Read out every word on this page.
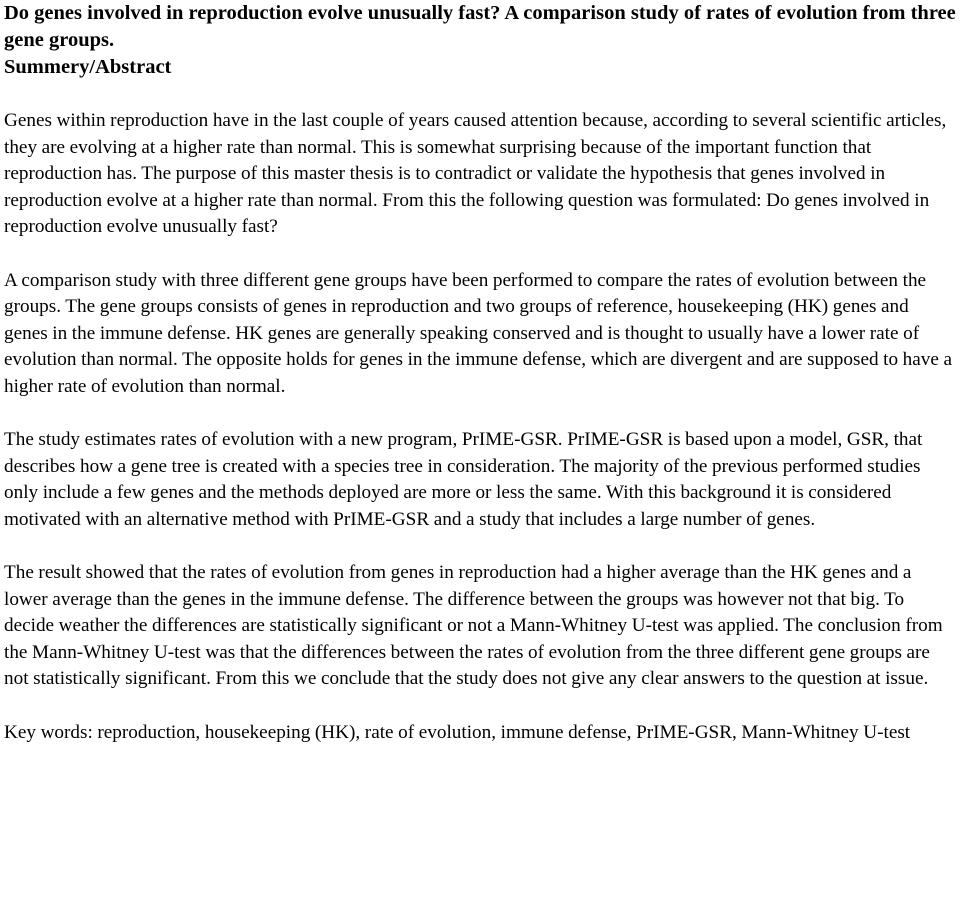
Do genes involved in reproduction evolve unusually fast? A comparison study of rates of evolution from three gene groups.
Summery/Abstract

Genes within reproduction have in the last couple of years caused attention because, according to several scientific articles, they are evolving at a higher rate than normal. This is somewhat surprising because of the important function that reproduction has. The purpose of this master thesis is to contradict or validate the hypothesis that genes involved in reproduction evolve at a higher rate than normal. From this the following question was formulated: Do genes involved in reproduction evolve unusually fast?

A comparison study with three different gene groups have been performed to compare the rates of evolution between the groups. The gene groups consists of genes in reproduction and two groups of reference, housekeeping (HK) genes and genes in the immune defense. HK genes are generally speaking conserved and is thought to usually have a lower rate of evolution than normal. The opposite holds for genes in the immune defense, which are divergent and are supposed to have a higher rate of evolution than normal.

The study estimates rates of evolution with a new program, PrIME-GSR. PrIME-GSR is based upon a model, GSR, that describes how a gene tree is created with a species tree in consideration. The majority of the previous performed studies only include a few genes and the methods deployed are more or less the same. With this background it is considered motivated with an alternative method with PrIME-GSR and a study that includes a large number of genes.

The result showed that the rates of evolution from genes in reproduction had a higher average than the HK genes and a lower average than the genes in the immune defense. The difference between the groups was however not that big. To decide weather the differences are statistically significant or not a Mann-Whitney U-test was applied. The conclusion from the Mann-Whitney U-test was that the differences between the rates of evolution from the three different gene groups are not statistically significant. From this we conclude that the study does not give any clear answers to the question at issue.

Key words: reproduction, housekeeping (HK), rate of evolution, immune defense, PrIME-GSR, Mann-Whitney U-test
